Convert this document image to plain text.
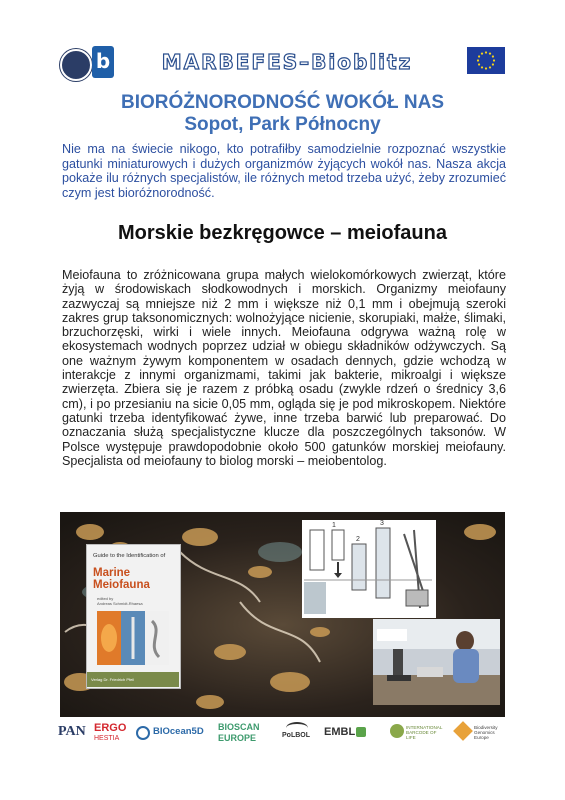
b	MARBEFES–Bioblitz
BIORÓŻNORODNOŚĆ WOKÓŁ NAS
Sopot, Park Północny
Nie ma na świecie nikogo, kto potrafiłby samodzielnie rozpoznać wszystkie gatunki miniaturowych i dużych organizmów żyjących wokół nas. Nasza akcja pokaże ilu różnych specjalistów, ile różnych metod trzeba użyć, żeby zrozumieć czym jest bioróżnorodność.
Morskie bezkręgowce – meiofauna
Meiofauna to zróżnicowana grupa małych wielokomórkowych zwierząt, które żyją w środowiskach słodkowodnych i morskich. Organizmy meiofauny zazwyczaj są mniejsze niż 2 mm i większe niż 0,1 mm i obejmują szeroki zakres grup taksonomicznych: wolnożyjące nicienie, skorupiaki, małże, ślimaki, brzuchorzęski, wirki i wiele innych. Meiofauna odgrywa ważną rolę w ekosystemach wodnych poprzez udział w obiegu składników odżywczych. Są one ważnym żywym komponentem w osadach dennych, gdzie wchodzą w interakcje z innymi organizmami, takimi jak bakterie, mikroalgi i większe zwierzęta. Zbiera się je razem z próbką osadu (zwykle rdzeń o średnicy 3,6 cm), i po przesianiu na sicie 0,05 mm, ogląda się je pod mikroskopem. Niektóre gatunki trzeba identyfikować żywe, inne trzeba barwić lub preparować. Do oznaczania służą specjalistyczne klucze dla poszczególnych taksonów. W Polsce występuje prawdopodobnie około 500 gatunków morskiej meiofauny. Specjalista od meiofauny to biolog morski – meiobentolog.
Guide to the Identification of
Marine
Meiofauna
edited by
Andreas Schmidt-Rhaesa
Verlag Dr. Friedrich Pfeil
1
2
3
PAN ERGO
HESTIA
BIOcean5D BIOSCAN
EUROPE	PoLBOL EMBL	INTERNATIONAL BARCODE OF LIFE
Biodiversity Genomics Europe
